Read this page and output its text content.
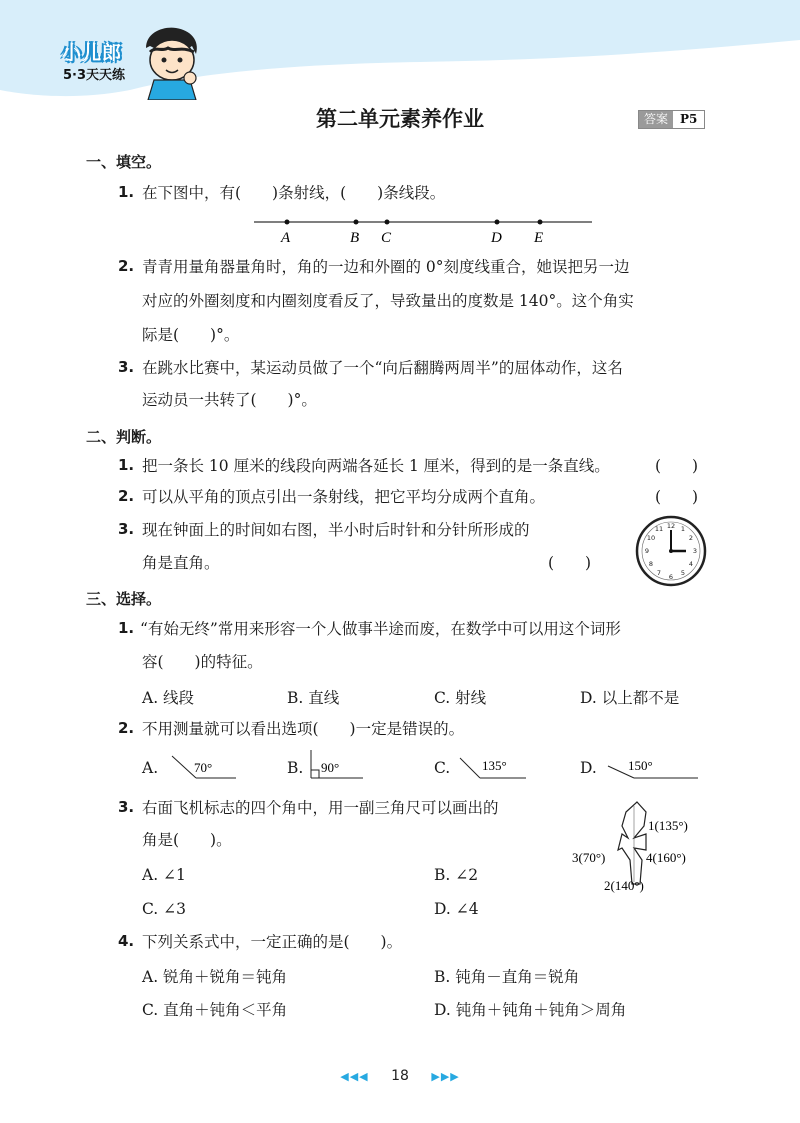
小儿郎
5·3天天练
第二单元素养作业	答案	P5
一、填空。
1. 在下图中，有(　　)条射线，(　　)条线段。
A	B C	D E
2. 青青用量角器量角时，角的一边和外圈的 0°刻度线重合，她误把另一边
对应的外圈刻度和内圈刻度看反了，导致量出的度数是 140°。这个角实
际是(　　)°。
3. 在跳水比赛中，某运动员做了一个“向后翻腾两周半”的屈体动作，这名
运动员一共转了(　　)°。
二、判断。
1. 把一条长 10 厘米的线段向两端各延长 1 厘米，得到的是一条直线。	(　　)
2. 可以从平角的顶点引出一条射线，把它平均分成两个直角。	(　　)
3. 现在钟面上的时间如右图，半小时后时针和分针所形成的
角是直角。	(　　)
12 1
2
3
4
5
6
7
8
9
10
11
三、选择。
1. “有始无终”常用来形容一个人做事半途而废，在数学中可以用这个词形
容(　　)的特征。
A. 线段	B. 直线	C. 射线	D. 以上都不是
2. 不用测量就可以看出选项(　　)一定是错误的。
A.	70°	B. 90°	C. 135°	D. 150°
3. 右面飞机标志的四个角中，用一副三角尺可以画出的
角是(　　)。
1(135°)
3(70°)	4(160°)
2(140°)
A. ∠1	B. ∠2
C. ∠3	D. ∠4
4. 下列关系式中，一定正确的是(　　)。
A. 锐角＋锐角＝钝角	B. 钝角－直角＝锐角
C. 直角＋钝角＜平角	D. 钝角＋钝角＋钝角＞周角
◀◀◀ 18 ▶▶▶
